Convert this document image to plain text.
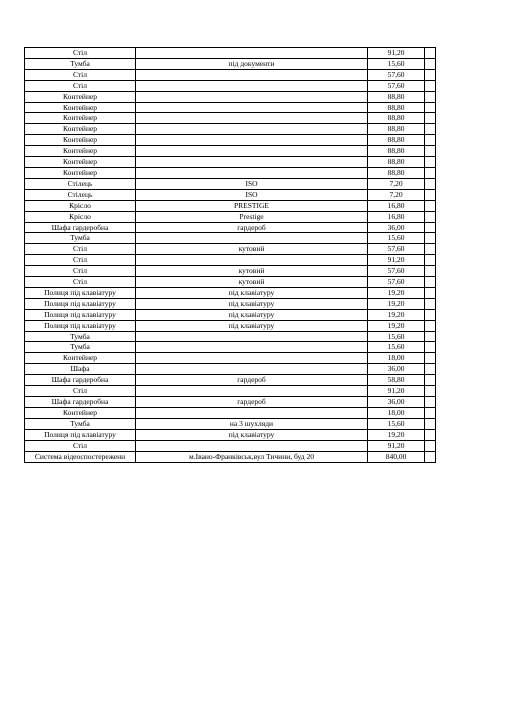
Стіл		91,20	
Тумба	під документи	15,60	
Стіл		57,60	
Стіл		57,60	
Контейнер		88,80	
Контейнер		88,80	
Контейнер		88,80	
Контейнер		88,80	
Контейнер		88,80	
Контейнер		88,80	
Контейнер		88,80	
Контейнер		88,80	
Стілець	ISO	7,20	
Стілець	ISO	7,20	
Крісло	PRESTIGE	16,80	
Крісло	Prestige	16,80	
Шафа гардеробна	гардероб	36,00	
Тумба		15,60	
Стіл	кутовий	57,60	
Стіл		91,20	
Стіл	кутовий	57,60	
Стіл	кутовий	57,60	
Полиця під клавіатуру	під клавіатуру	19,20	
Полиця під клавіатуру	під клавіатуру	19,20	
Полиця під клавіатуру	під клавіатуру	19,20	
Полиця під клавіатуру	під клавіатуру	19,20	
Тумба		15,60	
Тумба		15,60	
Контейнер		18,00	
Шафа		36,00	
Шафа гардеробна	гардероб	58,80	
Стіл		91,20	
Шафа гардеробна	гардероб	36,00	
Контейнер		18,00	
Тумба	на 3 шухляди	15,60	
Полиця під клавіатуру	під клавіатуру	19,20	
Стіл		91,20	
Система відеоспостереженн	м.Івано-Франківськ,вул Тичини, буд 20	840,00	
